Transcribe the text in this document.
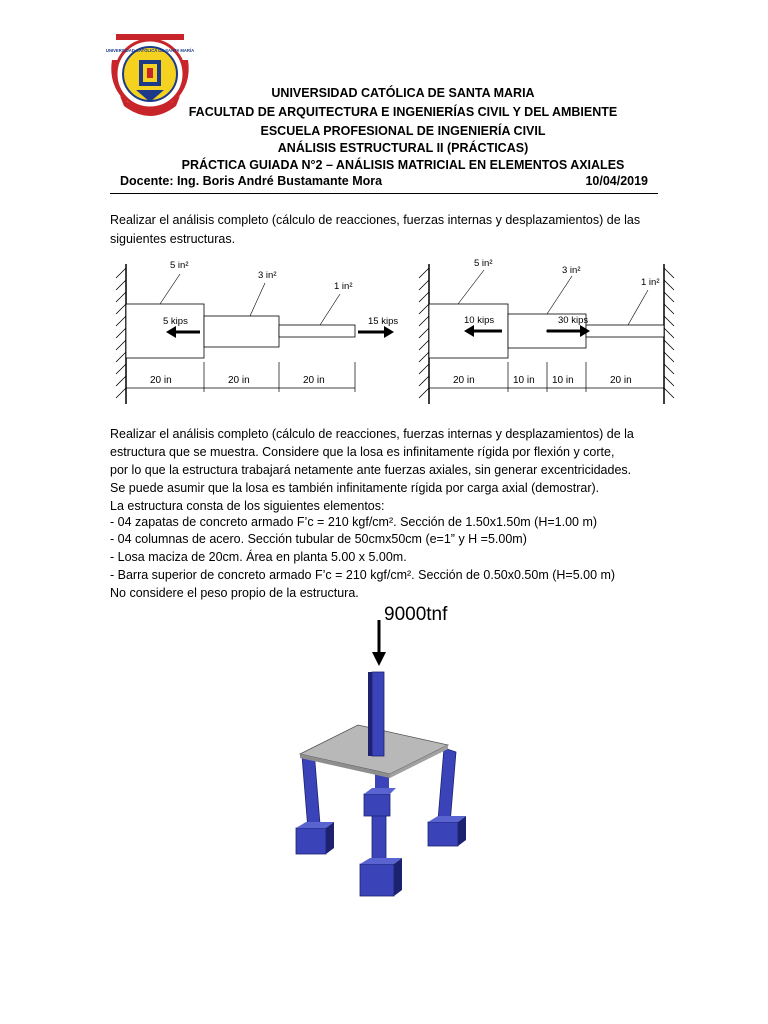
UNIVERSIDAD CATÓLICA DE SANTA MARÍA
UNIVERSIDAD CATÓLICA DE SANTA MARIA
FACULTAD DE ARQUITECTURA E INGENIERÍAS CIVIL Y DEL AMBIENTE
ESCUELA PROFESIONAL DE INGENIERÍA CIVIL
ANÁLISIS ESTRUCTURAL II (PRÁCTICAS)
PRÁCTICA GUIADA N°2 – ANÁLISIS MATRICIAL EN ELEMENTOS AXIALES
Docente: Ing. Boris André Bustamante Mora	10/04/2019
Realizar el análisis completo (cálculo de reacciones, fuerzas internas y desplazamientos) de las
siguientes estructuras.
5 in²
3 in²
1 in²
5 kips	15 kips
20 in	20 in	20 in
5 in²
3 in²
1 in²
10 kips	30 kips
20 in	10 in 10 in	20 in
Realizar el análisis completo (cálculo de reacciones, fuerzas internas y desplazamientos) de la
estructura que se muestra. Considere que la losa es infinitamente rígida por flexión y corte,
por lo que la estructura trabajará netamente ante fuerzas axiales, sin generar excentricidades.
Se puede asumir que la losa es también infinitamente rígida por carga axial (demostrar).
La estructura consta de los siguientes elementos:
- 04 zapatas de concreto armado F’c = 210 kgf/cm². Sección de 1.50x1.50m (H=1.00 m)
- 04 columnas de acero. Sección tubular de 50cmx50cm (e=1” y H =5.00m)
- Losa maciza de 20cm. Área en planta 5.00 x 5.00m.
- Barra superior de concreto armado F’c = 210 kgf/cm². Sección de 0.50x0.50m (H=5.00 m)
No considere el peso propio de la estructura.
9000tnf
